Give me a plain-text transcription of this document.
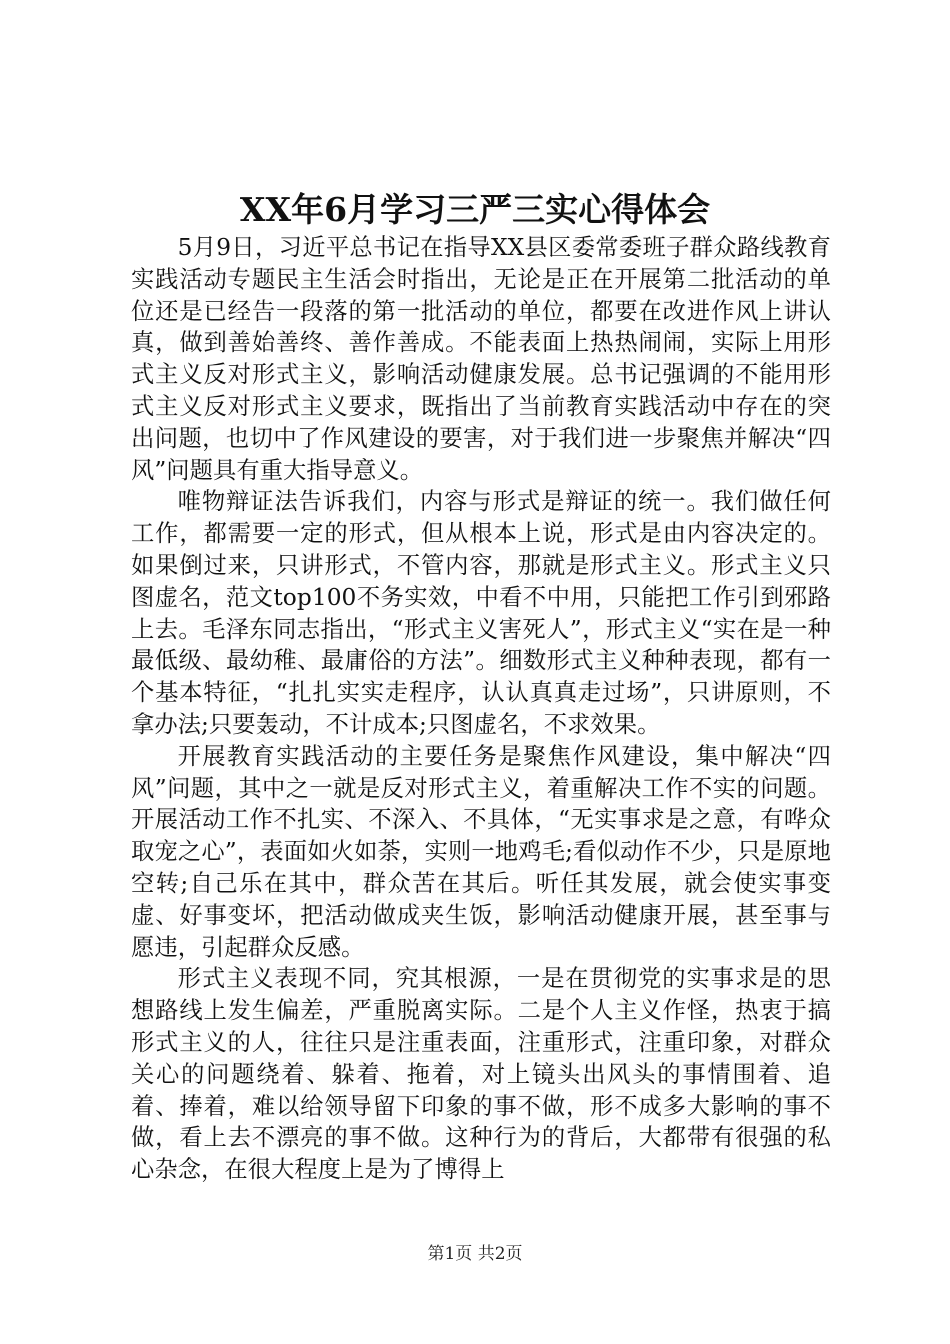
XX年6月学习三严三实心得体会

5月9日，习近平总书记在指导XX县区委常委班子群众路线教育实践活动专题民主生活会时指出，无论是正在开展第二批活动的单位还是已经告一段落的第一批活动的单位，都要在改进作风上讲认真，做到善始善终、善作善成。不能表面上热热闹闹，实际上用形式主义反对形式主义，影响活动健康发展。总书记强调的不能用形式主义反对形式主义要求，既指出了当前教育实践活动中存在的突出问题，也切中了作风建设的要害，对于我们进一步聚焦并解决“四风”问题具有重大指导意义。

唯物辩证法告诉我们，内容与形式是辩证的统一。我们做任何工作，都需要一定的形式，但从根本上说，形式是由内容决定的。如果倒过来，只讲形式，不管内容，那就是形式主义。形式主义只图虚名，范文top100不务实效，中看不中用，只能把工作引到邪路上去。毛泽东同志指出，“形式主义害死人”，形式主义“实在是一种最低级、最幼稚、最庸俗的方法”。细数形式主义种种表现，都有一个基本特征，“扎扎实实走程序，认认真真走过场”，只讲原则，不拿办法;只要轰动，不计成本;只图虚名，不求效果。

开展教育实践活动的主要任务是聚焦作风建设，集中解决“四风”问题，其中之一就是反对形式主义，着重解决工作不实的问题。开展活动工作不扎实、不深入、不具体，“无实事求是之意，有哗众取宠之心”，表面如火如荼，实则一地鸡毛;看似动作不少，只是原地空转;自己乐在其中，群众苦在其后。听任其发展，就会使实事变虚、好事变坏，把活动做成夹生饭，影响活动健康开展，甚至事与愿违，引起群众反感。

形式主义表现不同，究其根源，一是在贯彻党的实事求是的思想路线上发生偏差，严重脱离实际。二是个人主义作怪，热衷于搞形式主义的人，往往只是注重表面，注重形式，注重印象，对群众关心的问题绕着、躲着、拖着，对上镜头出风头的事情围着、追着、捧着，难以给领导留下印象的事不做，形不成多大影响的事不做，看上去不漂亮的事不做。这种行为的背后，大都带有很强的私心杂念，在很大程度上是为了博得上

第1页 共2页
